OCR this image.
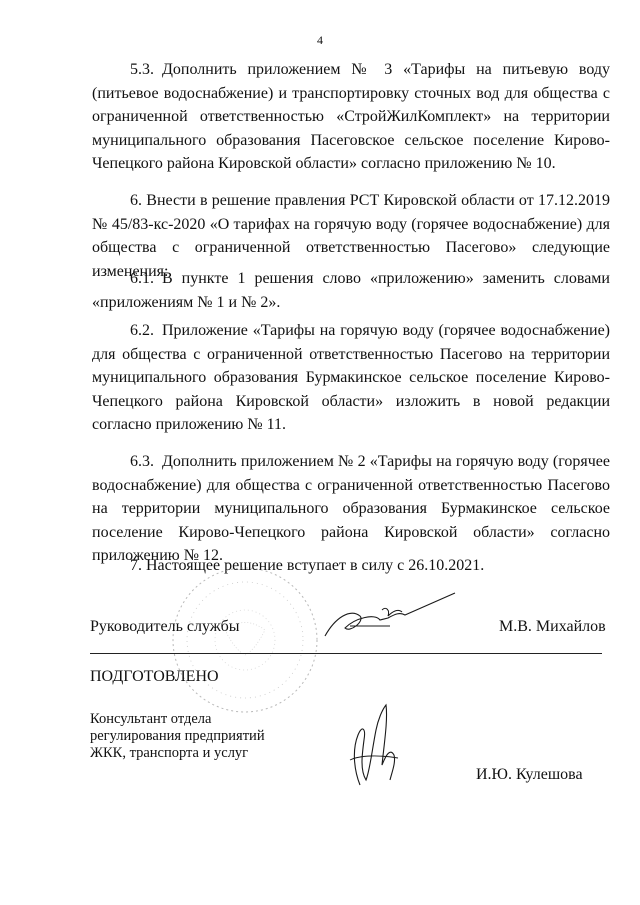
4

5.3. Дополнить приложением № 3 «Тарифы на питьевую воду (питьевое водоснабжение) и транспортировку сточных вод для общества с ограниченной ответственностью «СтройЖилКомплект» на территории муниципального образования Пасеговское сельское поселение Кирово-Чепецкого района Кировской области» согласно приложению № 10.

6. Внести в решение правления РСТ Кировской области от 17.12.2019 № 45/83-кс-2020 «О тарифах на горячую воду (горячее водоснабжение) для общества с ограниченной ответственностью Пасегово» следующие изменения:

6.1. В пункте 1 решения слово «приложению» заменить словами «приложениям № 1 и № 2».

6.2. Приложение «Тарифы на горячую воду (горячее водоснабжение) для общества с ограниченной ответственностью Пасегово на территории муниципального образования Бурмакинское сельское поселение Кирово-Чепецкого района Кировской области» изложить в новой редакции согласно приложению № 11.

6.3. Дополнить приложением № 2 «Тарифы на горячую воду (горячее водоснабжение) для общества с ограниченной ответственностью Пасегово на территории муниципального образования Бурмакинское сельское поселение Кирово-Чепецкого района Кировской области» согласно приложению № 12.

7. Настоящее решение вступает в силу с 26.10.2021.
Руководитель службы	М.В. Михайлов
ПОДГОТОВЛЕНО
Консультант отдела
регулирования предприятий
ЖКК, транспорта и услуг
И.Ю. Кулешова
